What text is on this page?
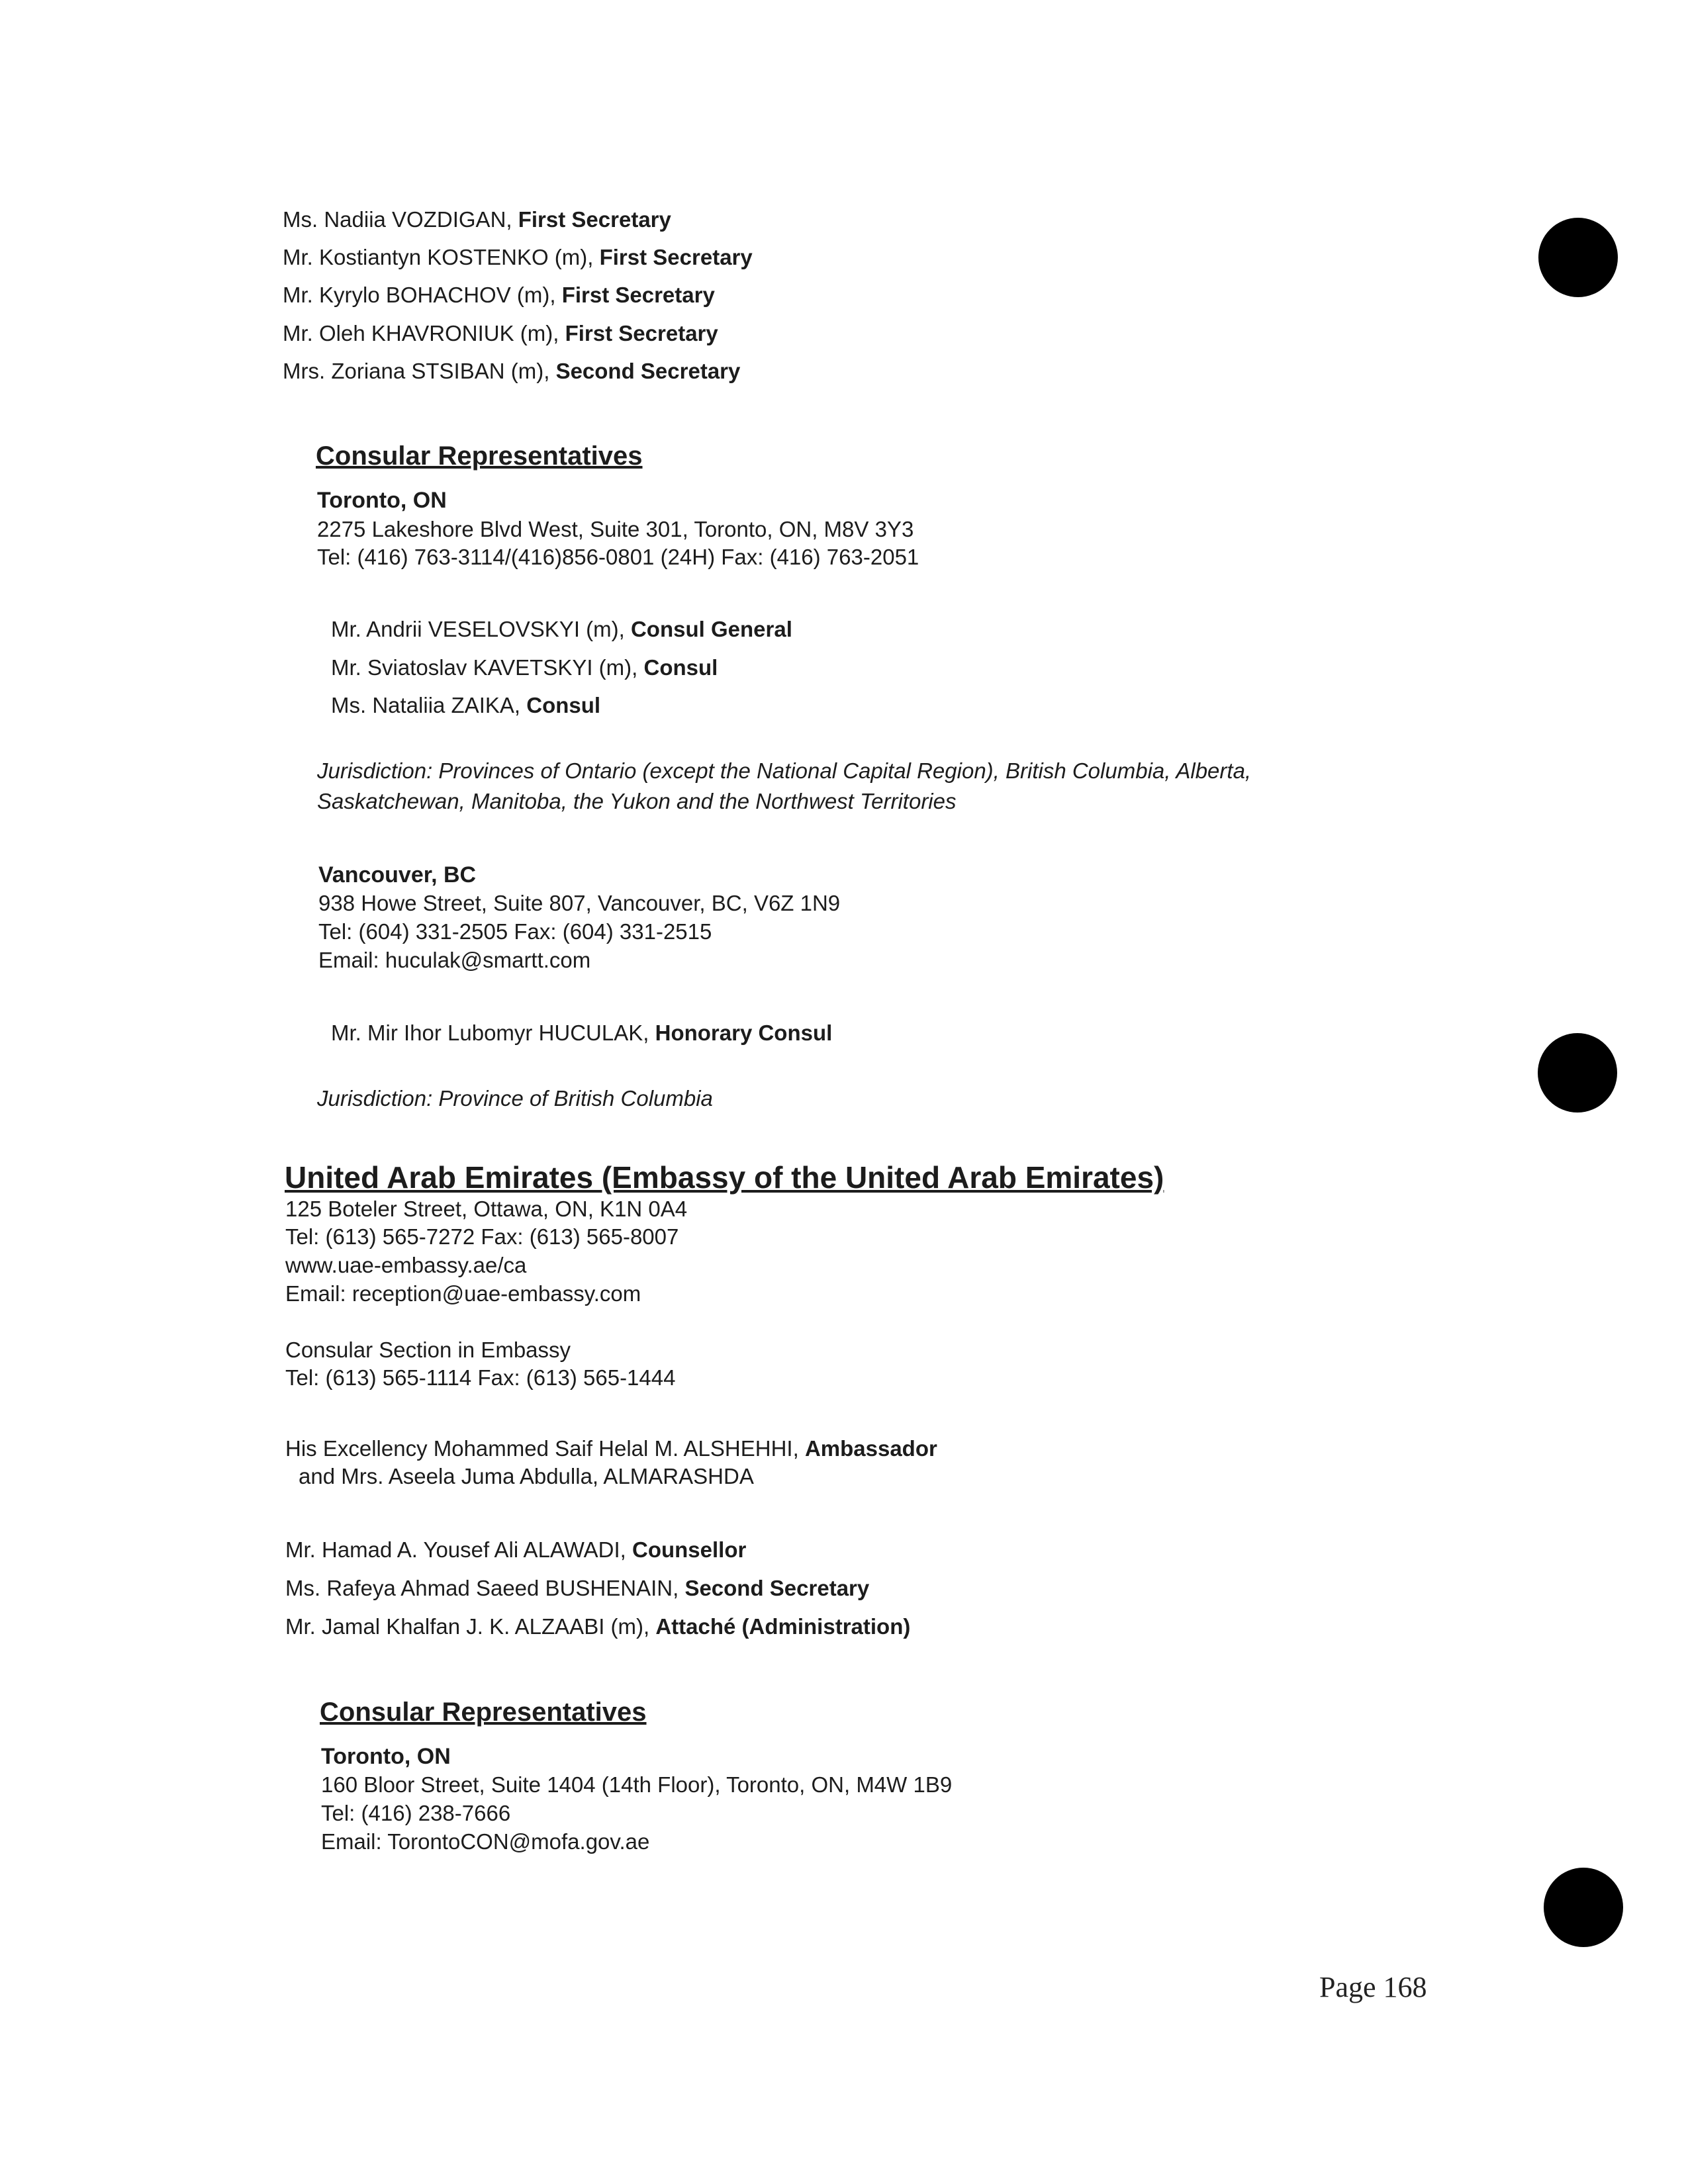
Ms. Nadiia VOZDIGAN, First Secretary
Mr. Kostiantyn KOSTENKO (m), First Secretary
Mr. Kyrylo BOHACHOV (m), First Secretary
Mr. Oleh KHAVRONIUK (m), First Secretary
Mrs. Zoriana STSIBAN (m), Second Secretary
Consular Representatives
Toronto, ON
2275 Lakeshore Blvd West, Suite 301, Toronto, ON, M8V 3Y3
Tel: (416) 763-3114/(416)856-0801 (24H) Fax: (416) 763-2051
Mr. Andrii VESELOVSKYI (m), Consul General
Mr. Sviatoslav KAVETSKYI (m), Consul
Ms. Nataliia ZAIKA, Consul
Jurisdiction: Provinces of Ontario (except the National Capital Region), British Columbia, Alberta,
Saskatchewan, Manitoba, the Yukon and the Northwest Territories
Vancouver, BC
938 Howe Street, Suite 807, Vancouver, BC, V6Z 1N9
Tel: (604) 331-2505 Fax: (604) 331-2515
Email: huculak@smartt.com
Mr. Mir Ihor Lubomyr HUCULAK, Honorary Consul
Jurisdiction: Province of British Columbia
United Arab Emirates (Embassy of the United Arab Emirates)
125 Boteler Street, Ottawa, ON, K1N 0A4
Tel: (613) 565-7272 Fax: (613) 565-8007
www.uae-embassy.ae/ca
Email: reception@uae-embassy.com
Consular Section in Embassy
Tel: (613) 565-1114 Fax: (613) 565-1444
His Excellency Mohammed Saif Helal M. ALSHEHHI, Ambassador
and Mrs. Aseela Juma Abdulla, ALMARASHDA
Mr. Hamad A. Yousef Ali ALAWADI, Counsellor
Ms. Rafeya Ahmad Saeed BUSHENAIN, Second Secretary
Mr. Jamal Khalfan J. K. ALZAABI (m), Attaché (Administration)
Consular Representatives
Toronto, ON
160 Bloor Street, Suite 1404 (14th Floor), Toronto, ON, M4W 1B9
Tel: (416) 238-7666
Email: TorontoCON@mofa.gov.ae
Page 168
